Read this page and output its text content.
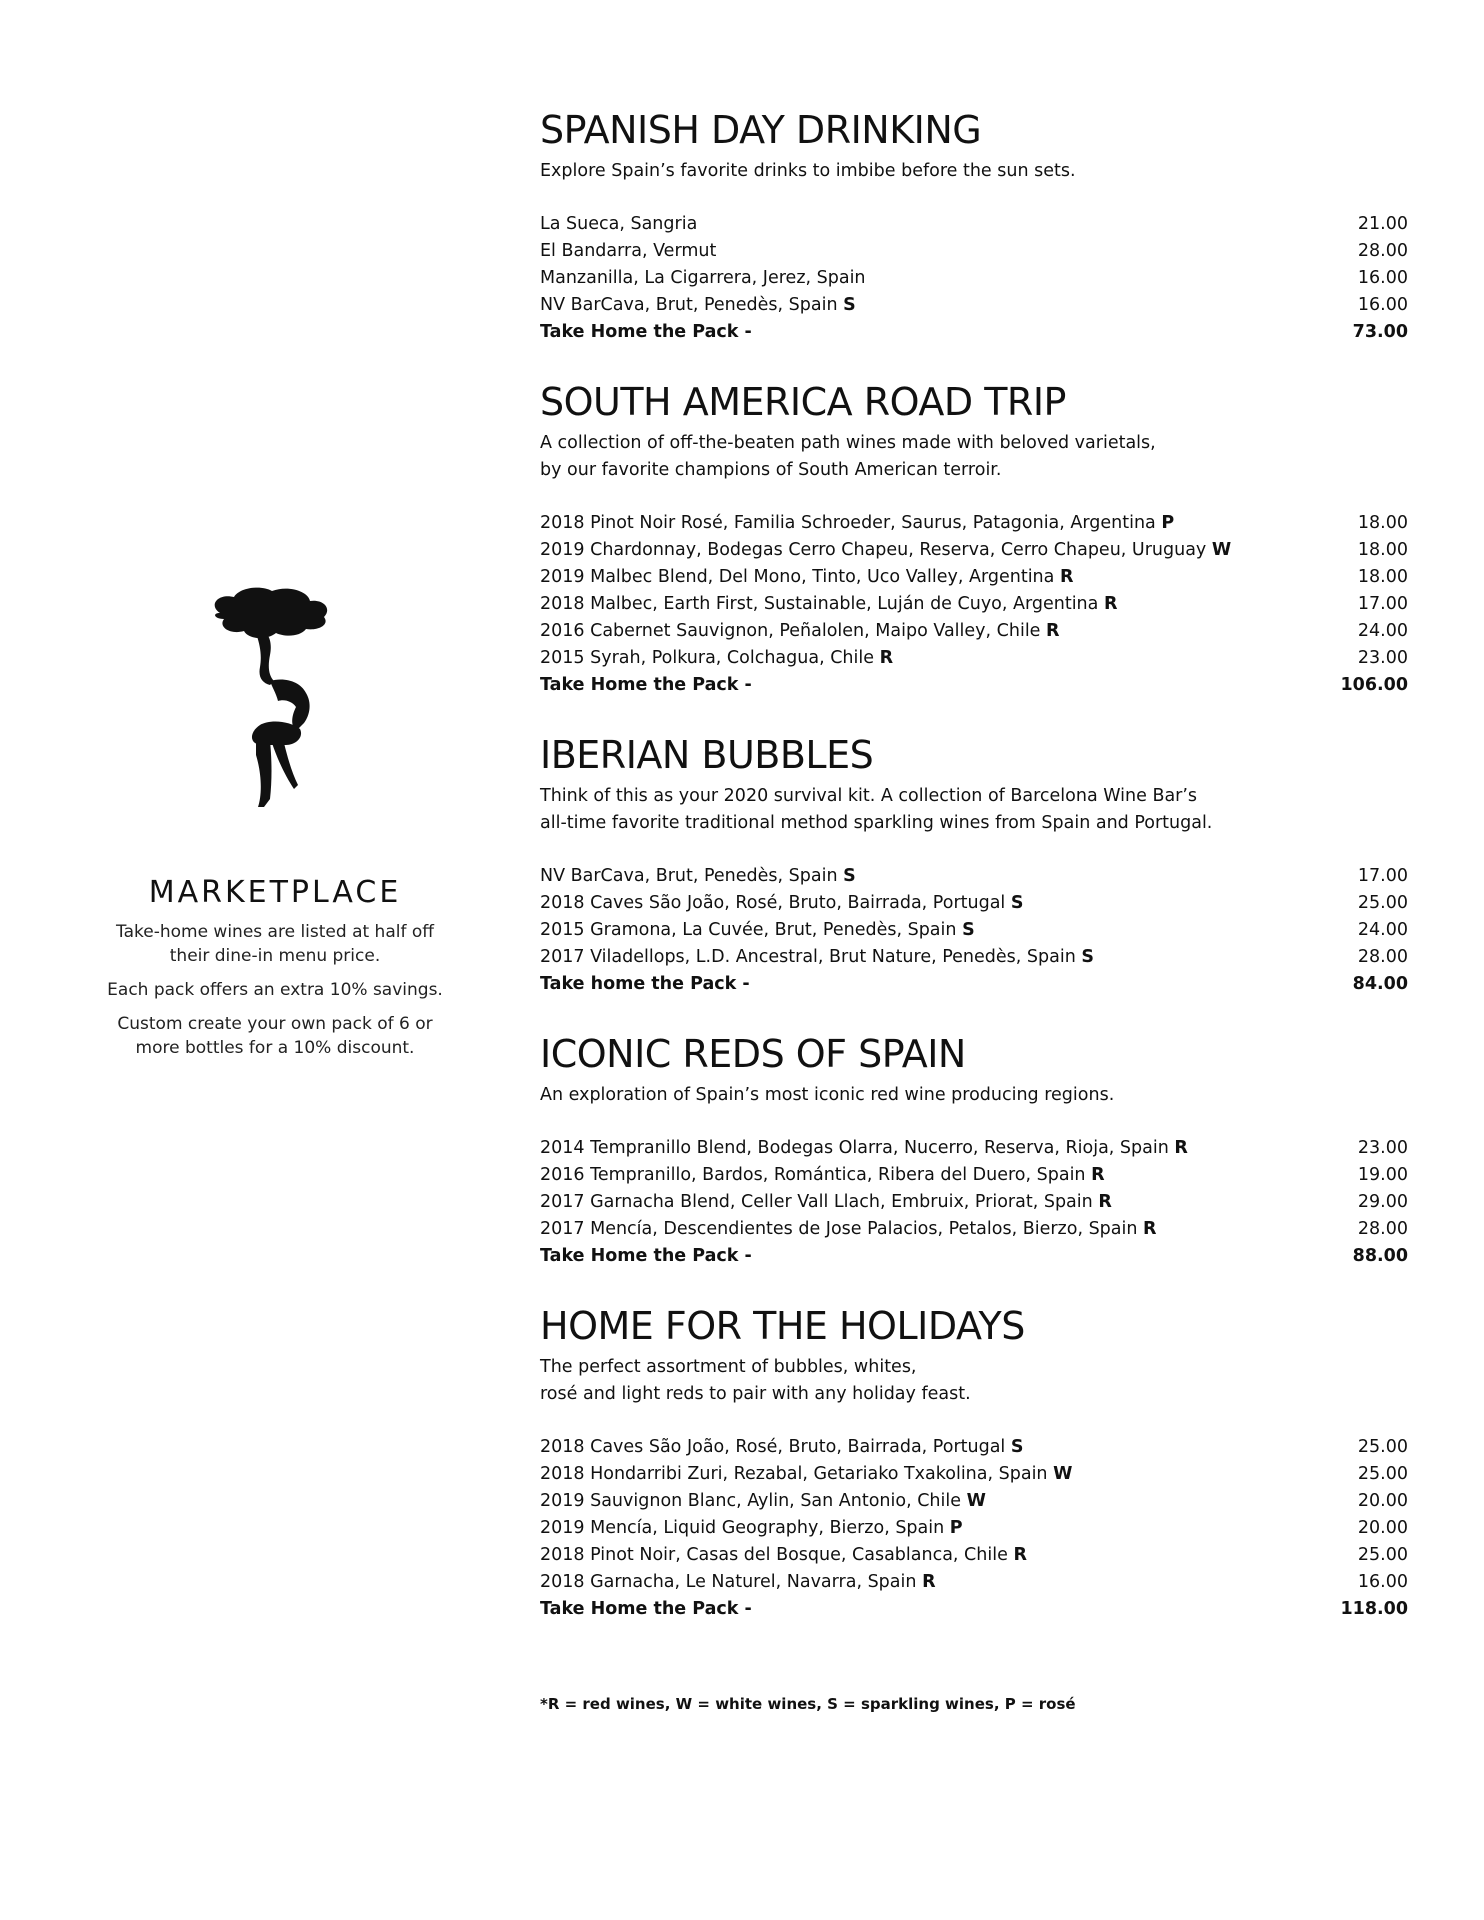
MARKETPLACE

Take-home wines are listed at half off
their dine-in menu price.

Each pack offers an extra 10% savings.

Custom create your own pack of 6 or
more bottles for a 10% discount.

SPANISH DAY DRINKING
Explore Spain’s favorite drinks to imbibe before the sun sets.
La Sueca, Sangria	21.00
El Bandarra, Vermut	28.00
Manzanilla, La Cigarrera, Jerez, Spain	16.00
NV BarCava, Brut, Penedès, Spain S	16.00
Take Home the Pack -	73.00
SOUTH AMERICA ROAD TRIP
A collection of off-the-beaten path wines made with beloved varietals,
by our favorite champions of South American terroir.
2018 Pinot Noir Rosé, Familia Schroeder, Saurus, Patagonia, Argentina P	18.00
2019 Chardonnay, Bodegas Cerro Chapeu, Reserva, Cerro Chapeu, Uruguay W	18.00
2019 Malbec Blend, Del Mono, Tinto, Uco Valley, Argentina R	18.00
2018 Malbec, Earth First, Sustainable, Luján de Cuyo, Argentina R	17.00
2016 Cabernet Sauvignon, Peñalolen, Maipo Valley, Chile R	24.00
2015 Syrah, Polkura, Colchagua, Chile R	23.00
Take Home the Pack -	106.00
IBERIAN BUBBLES
Think of this as your 2020 survival kit. A collection of Barcelona Wine Bar’s
all-time favorite traditional method sparkling wines from Spain and Portugal.
NV BarCava, Brut, Penedès, Spain S	17.00
2018 Caves São João, Rosé, Bruto, Bairrada, Portugal S	25.00
2015 Gramona, La Cuvée, Brut, Penedès, Spain S	24.00
2017 Viladellops, L.D. Ancestral, Brut Nature, Penedès, Spain S	28.00
Take home the Pack -	84.00
ICONIC REDS OF SPAIN
An exploration of Spain’s most iconic red wine producing regions.
2014 Tempranillo Blend, Bodegas Olarra, Nucerro, Reserva, Rioja, Spain R	23.00
2016 Tempranillo, Bardos, Romántica, Ribera del Duero, Spain R	19.00
2017 Garnacha Blend, Celler Vall Llach, Embruix, Priorat, Spain R	29.00
2017 Mencía, Descendientes de Jose Palacios, Petalos, Bierzo, Spain R	28.00
Take Home the Pack -	88.00
HOME FOR THE HOLIDAYS
The perfect assortment of bubbles, whites,
rosé and light reds to pair with any holiday feast.
2018 Caves São João, Rosé, Bruto, Bairrada, Portugal S	25.00
2018 Hondarribi Zuri, Rezabal, Getariako Txakolina, Spain W	25.00
2019 Sauvignon Blanc, Aylin, San Antonio, Chile W	20.00
2019 Mencía, Liquid Geography, Bierzo, Spain P	20.00
2018 Pinot Noir, Casas del Bosque, Casablanca, Chile R	25.00
2018 Garnacha, Le Naturel, Navarra, Spain R	16.00
Take Home the Pack -	118.00
*R = red wines, W = white wines, S = sparkling wines, P = rosé
